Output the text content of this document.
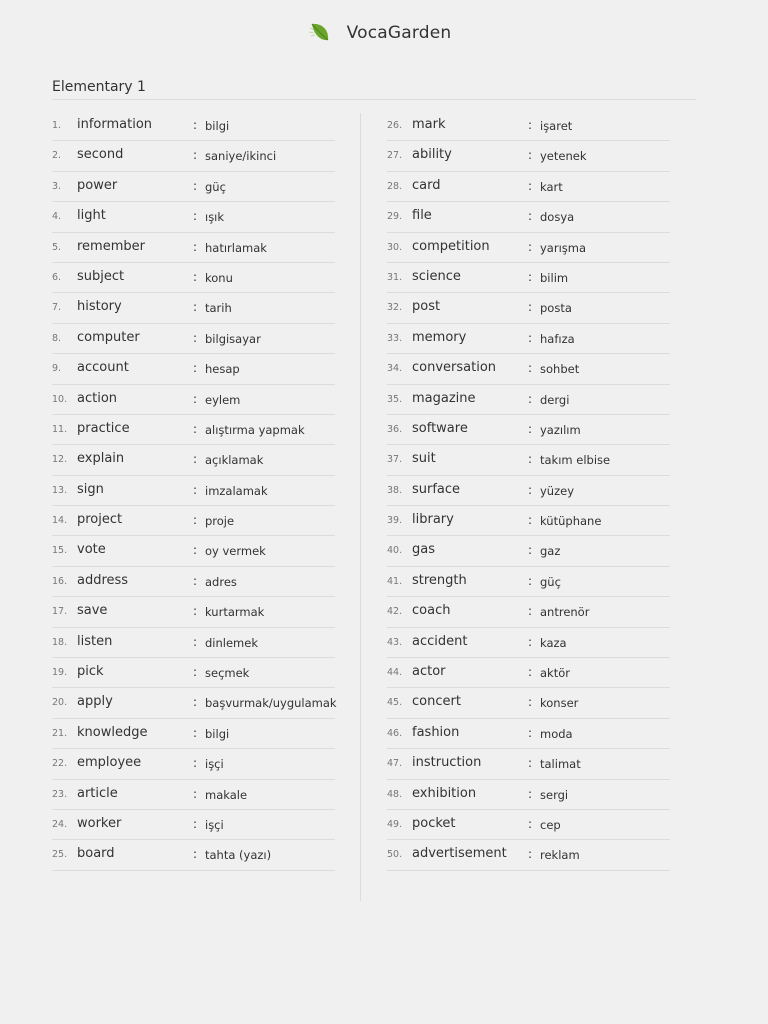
VocaGarden
Elementary 1
1. information	: bilgi
2. second	: saniye/ikinci
3. power	: güç
4. light	: ışık
5. remember	: hatırlamak
6. subject	: konu
7. history	: tarih
8. computer	: bilgisayar
9. account	: hesap
10. action	: eylem
11. practice	: alıştırma yapmak
12. explain	: açıklamak
13. sign	: imzalamak
14. project	: proje
15. vote	: oy vermek
16. address	: adres
17. save	: kurtarmak
18. listen	: dinlemek
19. pick	: seçmek
20. apply	: başvurmak/uygulamak
21. knowledge	: bilgi
22. employee	: işçi
23. article	: makale
24. worker	: işçi
25. board	: tahta (yazı)
26. mark	: işaret
27. ability	: yetenek
28. card	: kart
29. file	: dosya
30. competition	: yarışma
31. science	: bilim
32. post	: posta
33. memory	: hafıza
34. conversation	: sohbet
35. magazine	: dergi
36. software	: yazılım
37. suit	: takım elbise
38. surface	: yüzey
39. library	: kütüphane
40. gas	: gaz
41. strength	: güç
42. coach	: antrenör
43. accident	: kaza
44. actor	: aktör
45. concert	: konser
46. fashion	: moda
47. instruction	: talimat
48. exhibition	: sergi
49. pocket	: cep
50. advertisement : reklam
